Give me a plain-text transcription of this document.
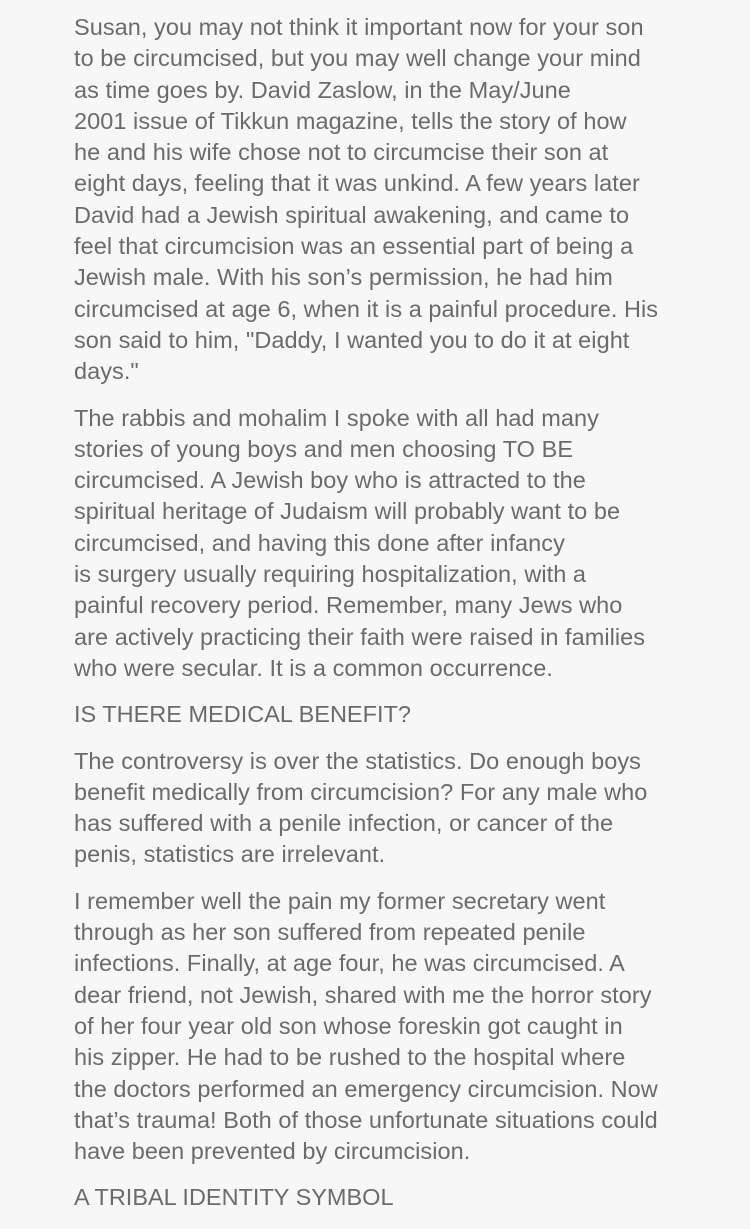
Susan, you may not think it important now for your son
to be circumcised, but you may well change your mind
as time goes by. David Zaslow, in the May/June
2001 issue of Tikkun magazine, tells the story of how
he and his wife chose not to circumcise their son at
eight days, feeling that it was unkind. A few years later
David had a Jewish spiritual awakening, and came to
feel that circumcision was an essential part of being a
Jewish male. With his son’s permission, he had him
circumcised at age 6, when it is a painful procedure. His
son said to him, "Daddy, I wanted you to do it at eight
days."

The rabbis and mohalim I spoke with all had many
stories of young boys and men choosing TO BE
circumcised. A Jewish boy who is attracted to the
spiritual heritage of Judaism will probably want to be
circumcised, and having this done after infancy
is surgery usually requiring hospitalization, with a
painful recovery period. Remember, many Jews who
are actively practicing their faith were raised in families
who were secular. It is a common occurrence.

IS THERE MEDICAL BENEFIT?

The controversy is over the statistics. Do enough boys
benefit medically from circumcision? For any male who
has suffered with a penile infection, or cancer of the
penis, statistics are irrelevant.

I remember well the pain my former secretary went
through as her son suffered from repeated penile
infections. Finally, at age four, he was circumcised. A
dear friend, not Jewish, shared with me the horror story
of her four year old son whose foreskin got caught in
his zipper. He had to be rushed to the hospital where
the doctors performed an emergency circumcision. Now
that’s trauma! Both of those unfortunate situations could
have been prevented by circumcision.

A TRIBAL IDENTITY SYMBOL
